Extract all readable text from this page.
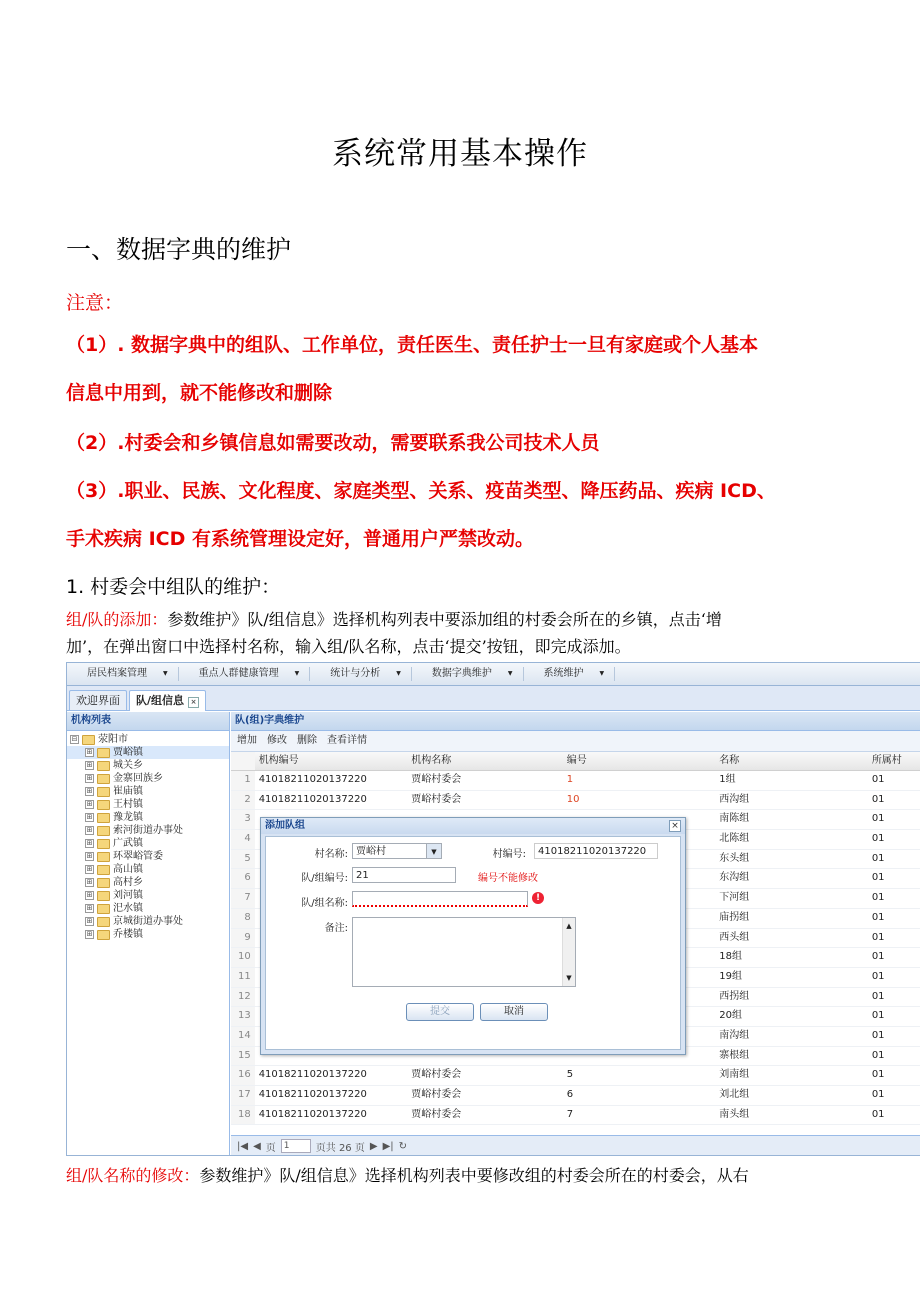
系统常用基本操作
一、数据字典的维护
注意：
（1）. 数据字典中的组队、工作单位，责任医生、责任护士一旦有家庭或个人基本
信息中用到，就不能修改和删除
（2）.村委会和乡镇信息如需要改动，需要联系我公司技术人员
（3）.职业、民族、文化程度、家庭类型、关系、疫苗类型、降压药品、疾病 ICD、
手术疾病 ICD 有系统管理设定好，普通用户严禁改动。
1. 村委会中组队的维护：
组/队的添加：参数维护》队/组信息》选择机构列表中要添加组的村委会所在的乡镇，点击‘增
加’，在弹出窗口中选择村名称，输入组/队名称，点击‘提交’按钮，即完成添加。
居民档案管理	▼	重点人群健康管理	▼	统计与分析	▼	数据字典维护	▼	系统维护	▼
欢迎界面	队/组信息 ×
机构列表
⊟ 荥阳市
⊞ 贾峪镇
⊞ 城关乡
⊞ 金寨回族乡
⊞ 崔庙镇
⊞ 王村镇
⊞ 豫龙镇
⊞ 索河街道办事处
⊞ 广武镇
⊞ 环翠峪管委
⊞ 高山镇
⊞ 高村乡
⊞ 刘河镇
⊞ 汜水镇
⊞ 京城街道办事处
⊞ 乔楼镇
队(组)字典维护
增加 修改 删除 查看详情
机构编号	机构名称	编号	名称	所属村
1 41018211020137220	贾峪村委会	1	1组	01
2 41018211020137220	贾峪村委会	10	西沟组	01
3	南陈组	01
4	北陈组	01
5	东头组	01
6	东沟组	01
7	下河组	01
8	庙拐组	01
9	西头组	01
10	18组	01
11	19组	01
12	西拐组	01
13	20组	01
14	南沟组	01
15	寨根组	01
16 41018211020137220	贾峪村委会	5	刘南组	01
17 41018211020137220	贾峪村委会	6	刘北组	01
18 41018211020137220	贾峪村委会	7	南头组	01
|◀ ◀ 页 1	页共 26 页 ▶ ▶| ↻
添加队组	×
村名称: 贾峪村	▼	村编号:	41018211020137220
队/组编号: 21	编号不能修改
队/组名称:	!
备注:	▲
▼
提交	取消
组/队名称的修改：参数维护》队/组信息》选择机构列表中要修改组的村委会所在的村委会，从右
